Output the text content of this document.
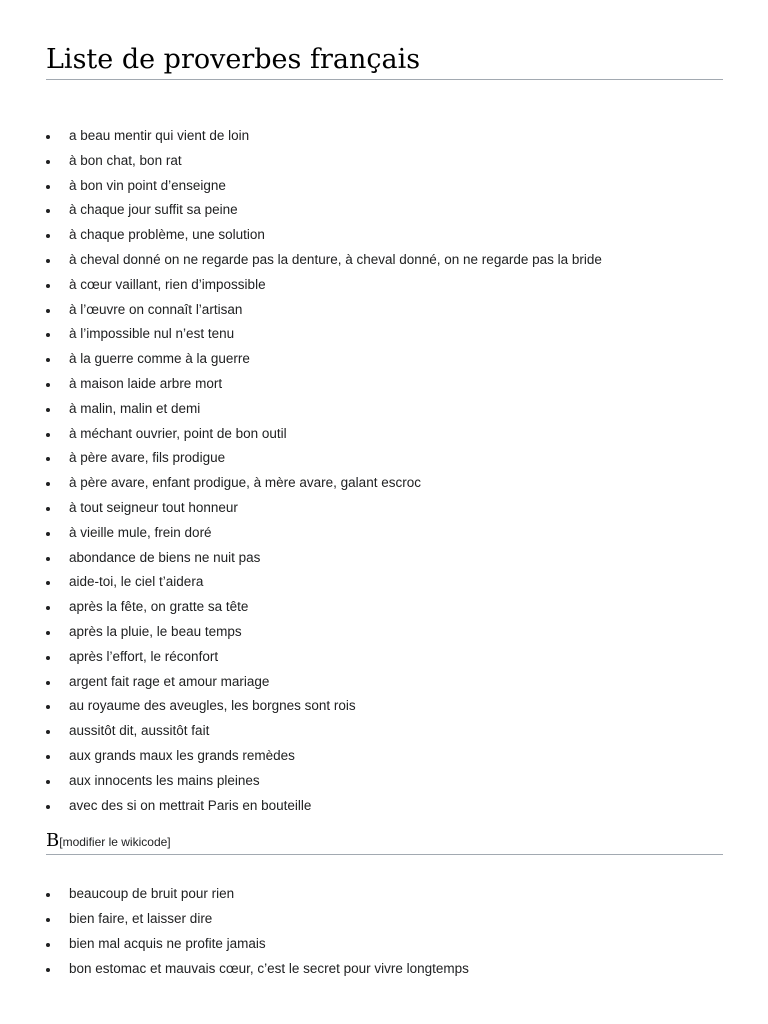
Liste de proverbes français
a beau mentir qui vient de loin
à bon chat, bon rat
à bon vin point d’enseigne
à chaque jour suffit sa peine
à chaque problème, une solution
à cheval donné on ne regarde pas la denture, à cheval donné, on ne regarde pas la bride
à cœur vaillant, rien d’impossible
à l’œuvre on connaît l’artisan
à l’impossible nul n’est tenu
à la guerre comme à la guerre
à maison laide arbre mort
à malin, malin et demi
à méchant ouvrier, point de bon outil
à père avare, fils prodigue
à père avare, enfant prodigue, à mère avare, galant escroc
à tout seigneur tout honneur
à vieille mule, frein doré
abondance de biens ne nuit pas
aide-toi, le ciel t’aidera
après la fête, on gratte sa tête
après la pluie, le beau temps
après l’effort, le réconfort
argent fait rage et amour mariage
au royaume des aveugles, les borgnes sont rois
aussitôt dit, aussitôt fait
aux grands maux les grands remèdes
aux innocents les mains pleines
avec des si on mettrait Paris en bouteille
B[modifier le wikicode]
beaucoup de bruit pour rien
bien faire, et laisser dire
bien mal acquis ne profite jamais
bon estomac et mauvais cœur, c’est le secret pour vivre longtemps
